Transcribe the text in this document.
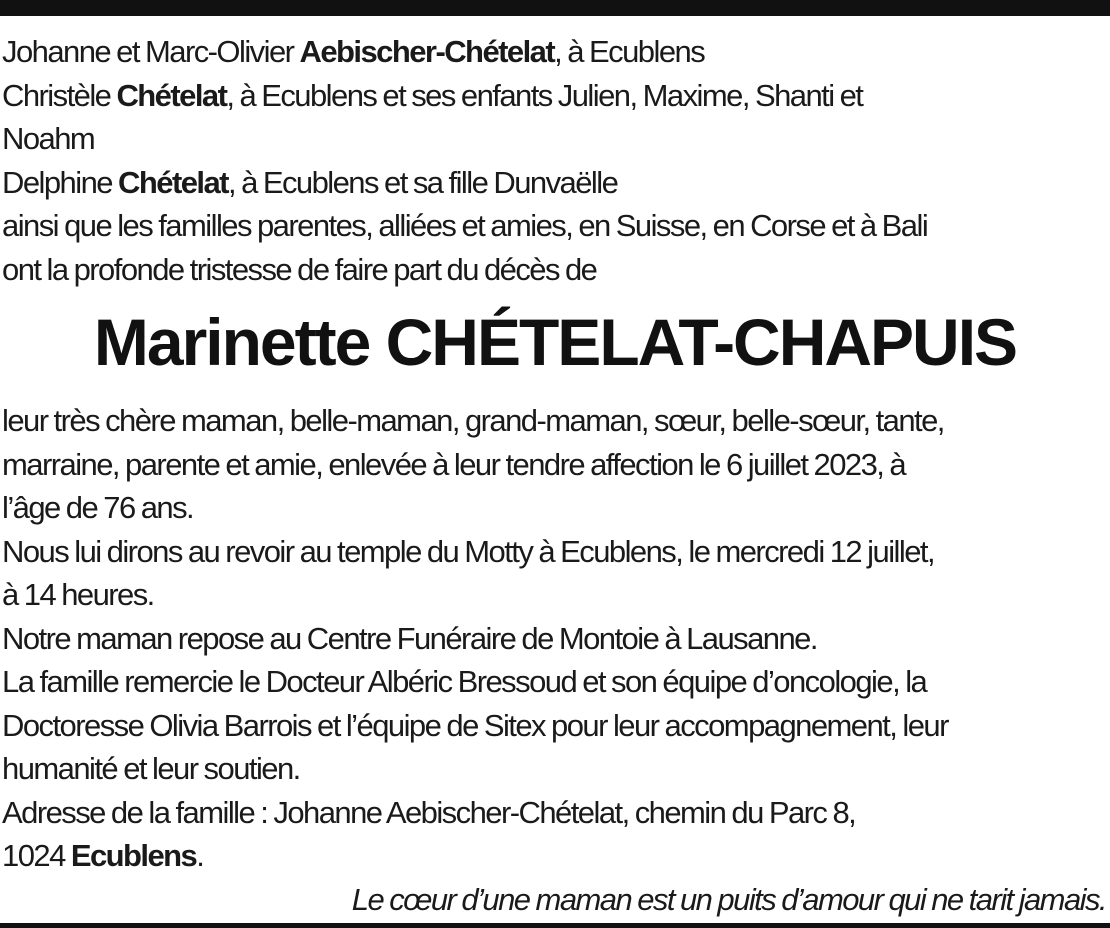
Johanne et Marc-Olivier Aebischer-Chételat, à Ecublens
Christèle Chételat, à Ecublens et ses enfants Julien, Maxime, Shanti et
Noahm
Delphine Chételat, à Ecublens et sa fille Dunvaëlle
ainsi que les familles parentes, alliées et amies, en Suisse, en Corse et à Bali
ont la profonde tristesse de faire part du décès de
Marinette CHÉTELAT-CHAPUIS
leur très chère maman, belle-maman, grand-maman, sœur, belle-sœur, tante,
marraine, parente et amie, enlevée à leur tendre affection le 6 juillet 2023, à
l’âge de 76 ans.
Nous lui dirons au revoir au temple du Motty à Ecublens, le mercredi 12 juillet,
à 14 heures.
Notre maman repose au Centre Funéraire de Montoie à Lausanne.
La famille remercie le Docteur Albéric Bressoud et son équipe d’oncologie, la
Doctoresse Olivia Barrois et l’équipe de Sitex pour leur accompagnement, leur
humanité et leur soutien.
Adresse de la famille : Johanne Aebischer-Chételat, chemin du Parc 8,
1024 Ecublens.
Le cœur d’une maman est un puits d’amour qui ne tarit jamais.
